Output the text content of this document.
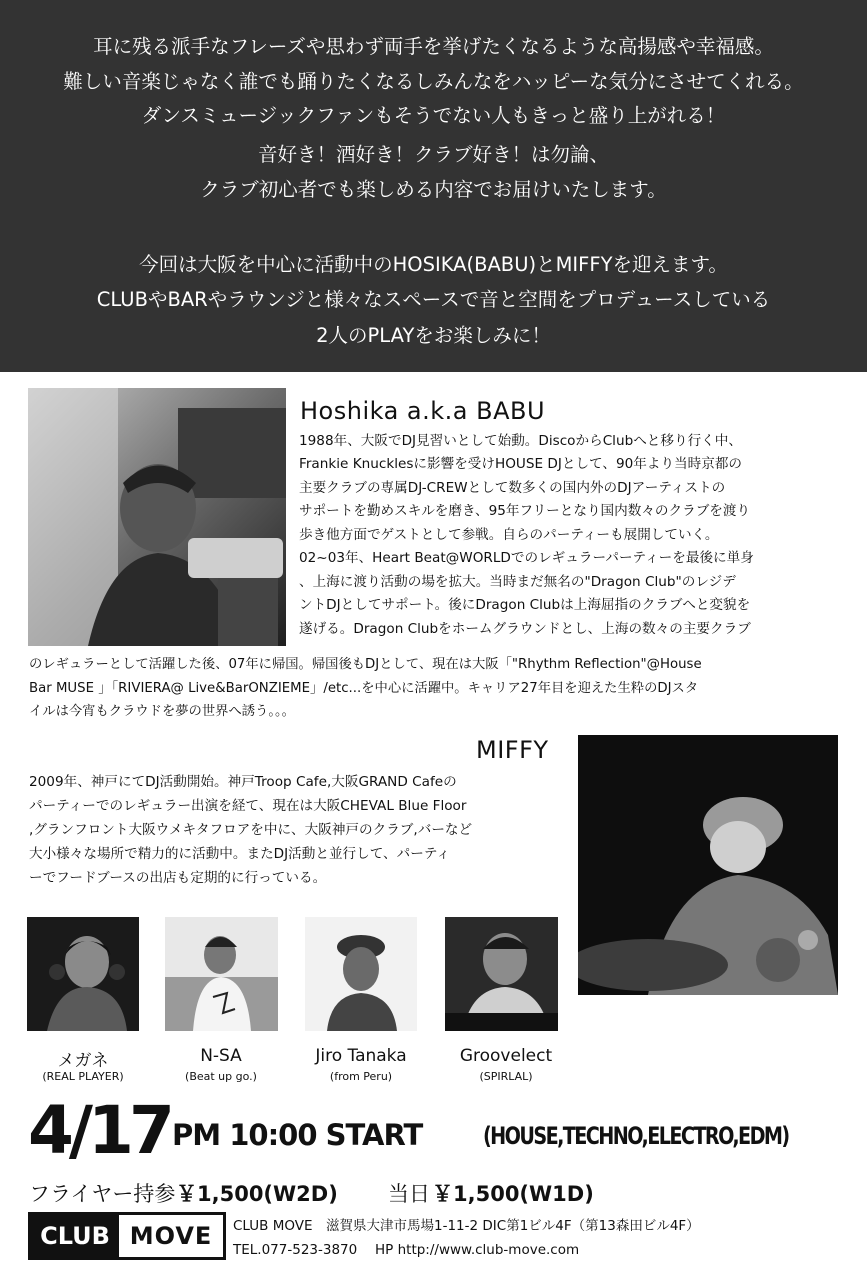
耳に残る派手なフレーズや思わず両手を挙げたくなるような高揚感や幸福感。
難しい音楽じゃなく誰でも踊りたくなるしみんなをハッピーな気分にさせてくれる。
ダンスミュージックファンもそうでない人もきっと盛り上がれる！
音好き！酒好き！クラブ好き！は勿論、
クラブ初心者でも楽しめる内容でお届けいたします。
今回は大阪を中心に活動中のHOSIKA(BABU)とMIFFYを迎えます。
CLUBやBARやラウンジと様々なスペースで音と空間をプロデュースしている
2人のPLAYをお楽しみに！
Hoshika a.k.a BABU
1988年、大阪でDJ見習いとして始動。DiscoからClubへと移り行く中、
Frankie Knucklesに影響を受けHOUSE DJとして、90年より当時京都の
主要クラブの専属DJ-CREWとして数多くの国内外のDJアーティストの
サポートを勤めスキルを磨き、95年フリーとなり国内数々のクラブを渡り
歩き他方面でゲストとして参戦。自らのパーティーも展開していく。
02~03年、Heart Beat@WORLDでのレギュラーパーティーを最後に単身
、上海に渡り活動の場を拡大。当時まだ無名の"Dragon Club"のレジデ
ントDJとしてサポート。後にDragon Clubは上海屈指のクラブへと変貌を
遂げる。Dragon Clubをホームグラウンドとし、上海の数々の主要クラブ
のレギュラーとして活躍した後、07年に帰国。帰国後もDJとして、現在は大阪「"Rhythm Reflection"@House
Bar MUSE 」「RIVIERA@ Live&BarONZIEME」/etc...を中心に活躍中。キャリア27年目を迎えた生粋のDJスタ
イルは今宵もクラウドを夢の世界へ誘う。。。
MIFFY
2009年、神戸にてDJ活動開始。神戸Troop Cafe,大阪GRAND Cafeの
パーティーでのレギュラー出演を経て、現在は大阪CHEVAL Blue Floor
,グランフロント大阪ウメキタフロアを中に、大阪神戸のクラブ,バーなど
大小様々な場所で精力的に活動中。またDJ活動と並行して、パーティ
ーでフードブースの出店も定期的に行っている。
メガネ
(REAL PLAYER)
N-SA
(Beat up go.)
Jiro Tanaka
(from Peru)
Groovelect
(SPIRLAL)
4/17 PM 10:00 START	(HOUSE,TECHNO,ELECTRO,EDM)
フライヤー持参 ￥1,500(W2D) 当日 ￥1,500(W1D)
CLUB MOVE	CLUB MOVE　滋賀県大津市馬場1-11-2 DIC第1ビル4F（第13森田ビル4F）
TEL.077-523-3870　 HP http://www.club-move.com
